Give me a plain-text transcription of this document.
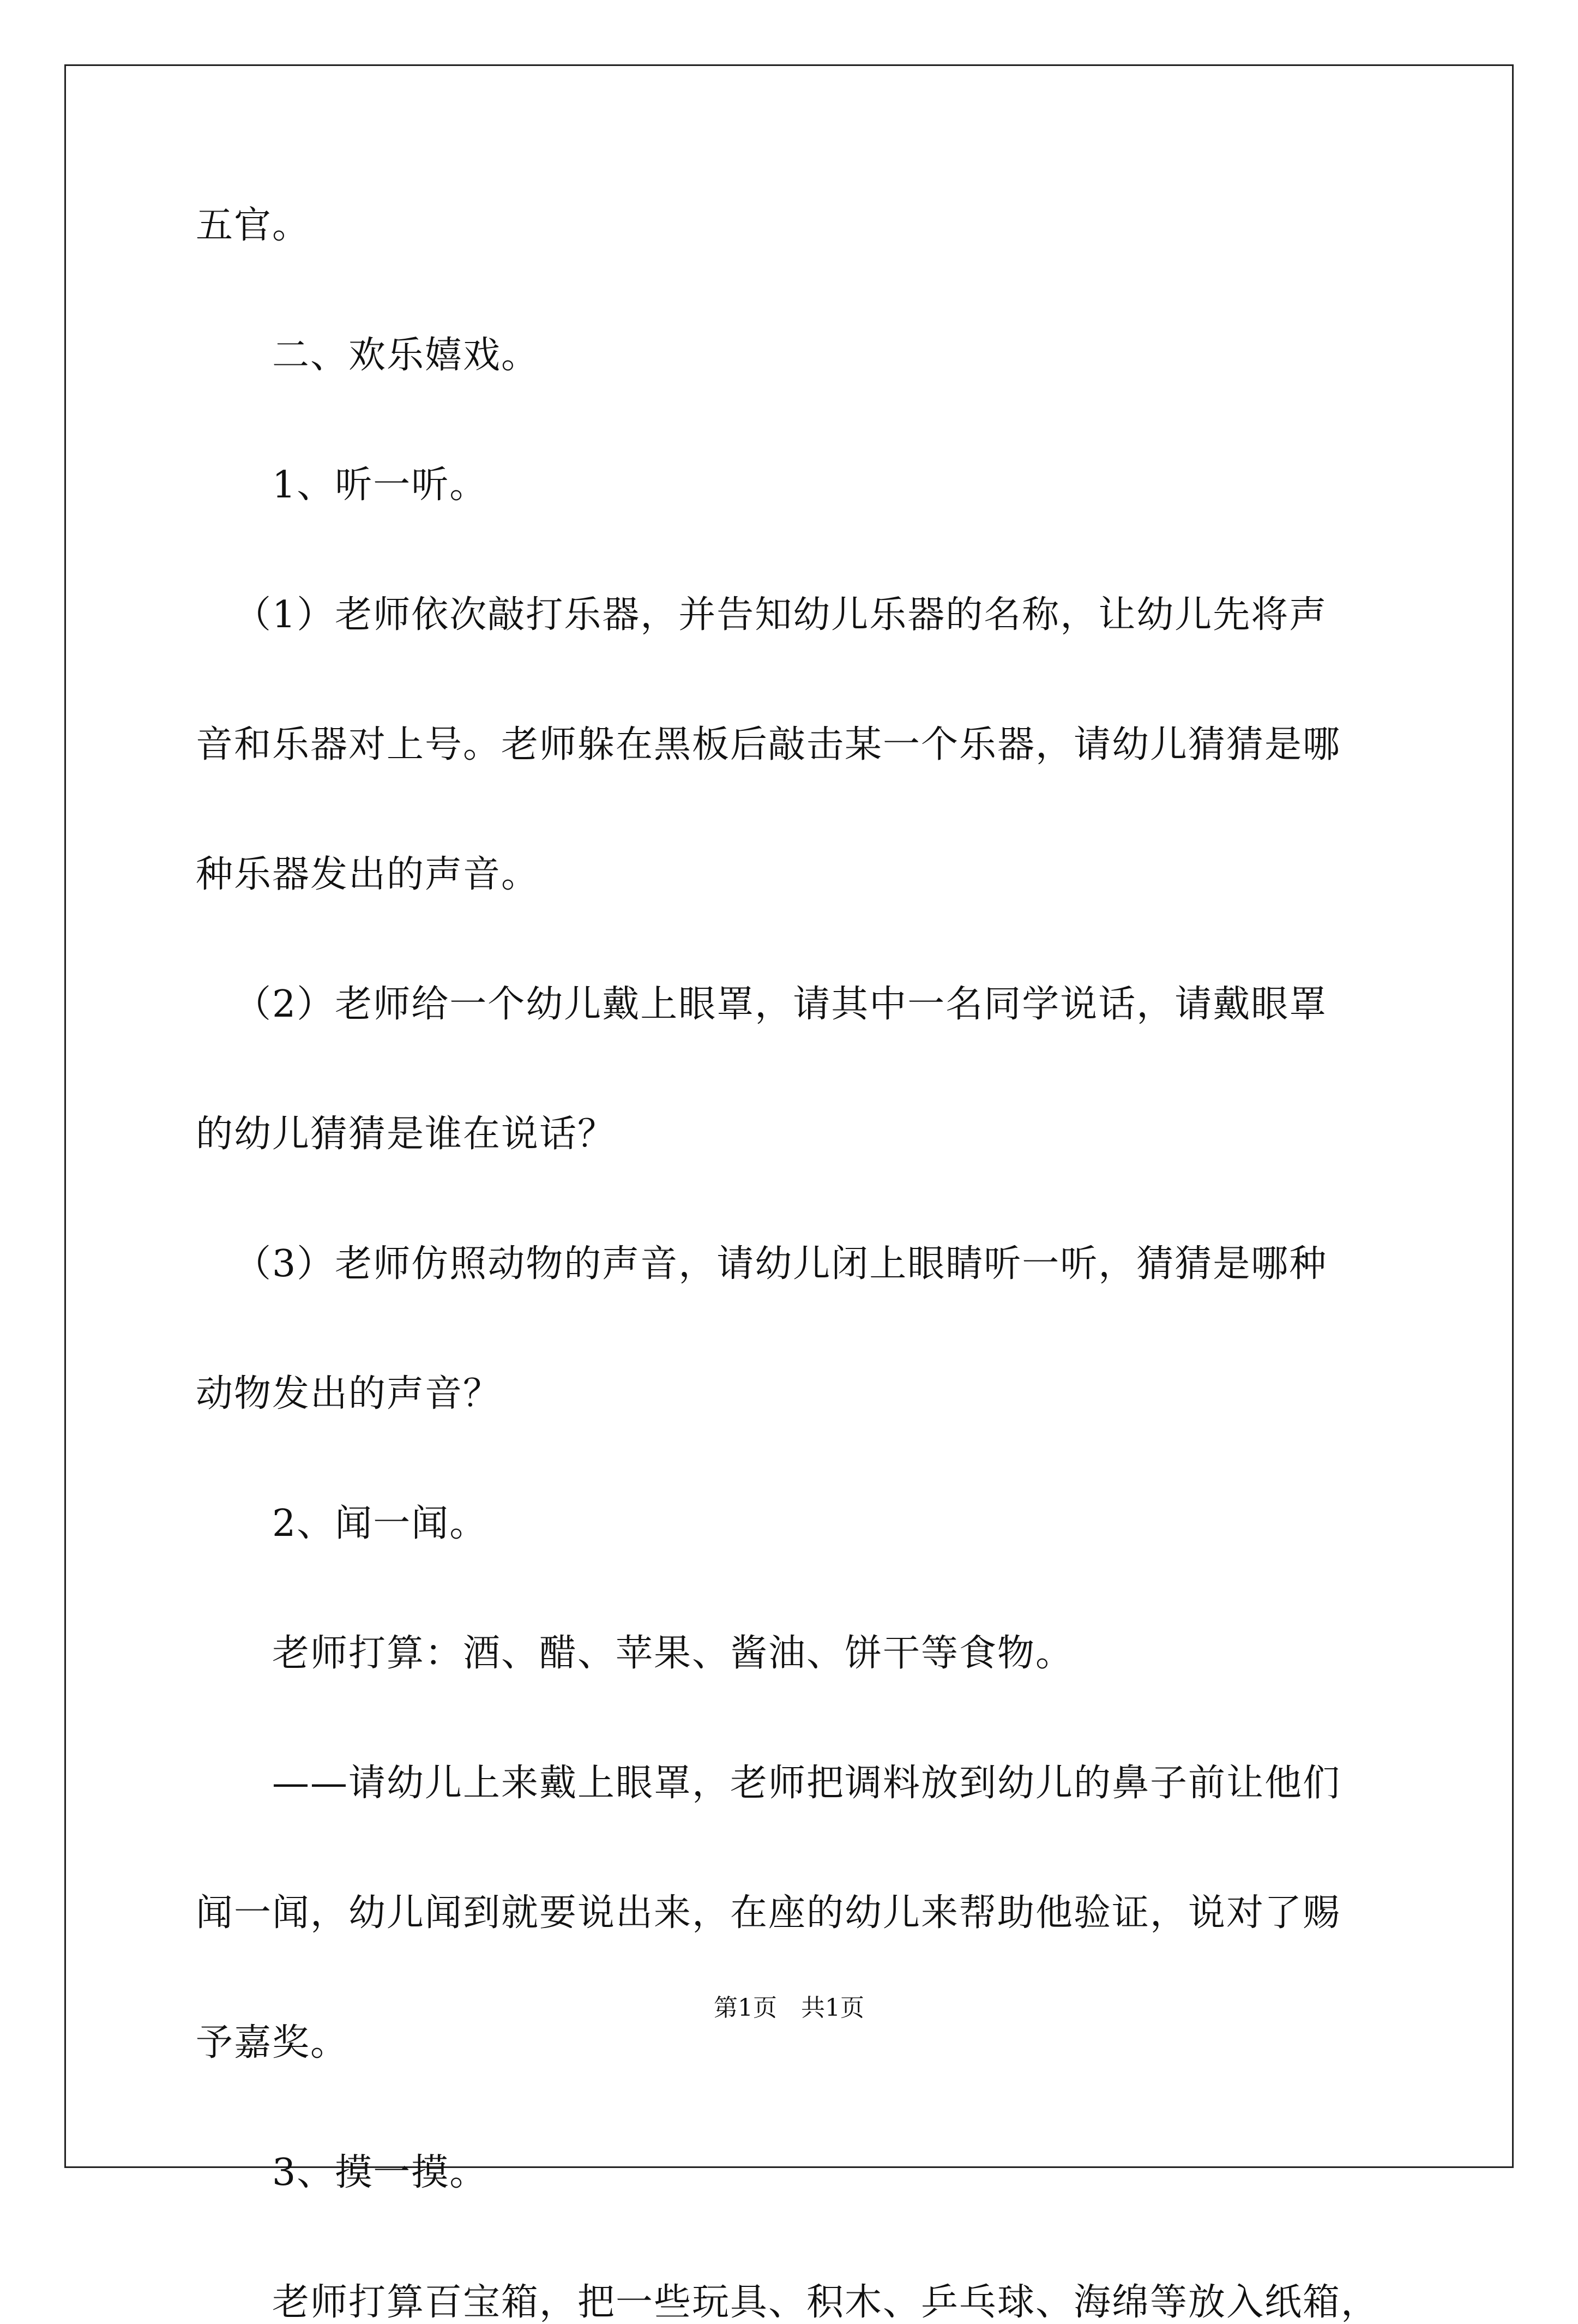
五官。

二、欢乐嬉戏。

1、听一听。

（1）老师依次敲打乐器，并告知幼儿乐器的名称，让幼儿先将声

音和乐器对上号。老师躲在黑板后敲击某一个乐器，请幼儿猜猜是哪

种乐器发出的声音。

（2）老师给一个幼儿戴上眼罩，请其中一名同学说话，请戴眼罩

的幼儿猜猜是谁在说话？

（3）老师仿照动物的声音，请幼儿闭上眼睛听一听，猜猜是哪种

动物发出的声音？

2、闻一闻。

老师打算：酒、醋、苹果、酱油、饼干等食物。

——请幼儿上来戴上眼罩，老师把调料放到幼儿的鼻子前让他们

闻一闻，幼儿闻到就要说出来，在座的幼儿来帮助他验证，说对了赐

予嘉奖。

3、摸一摸。

老师打算百宝箱，把一些玩具、积木、乒乓球、海绵等放入纸箱，

第1页　共1页
